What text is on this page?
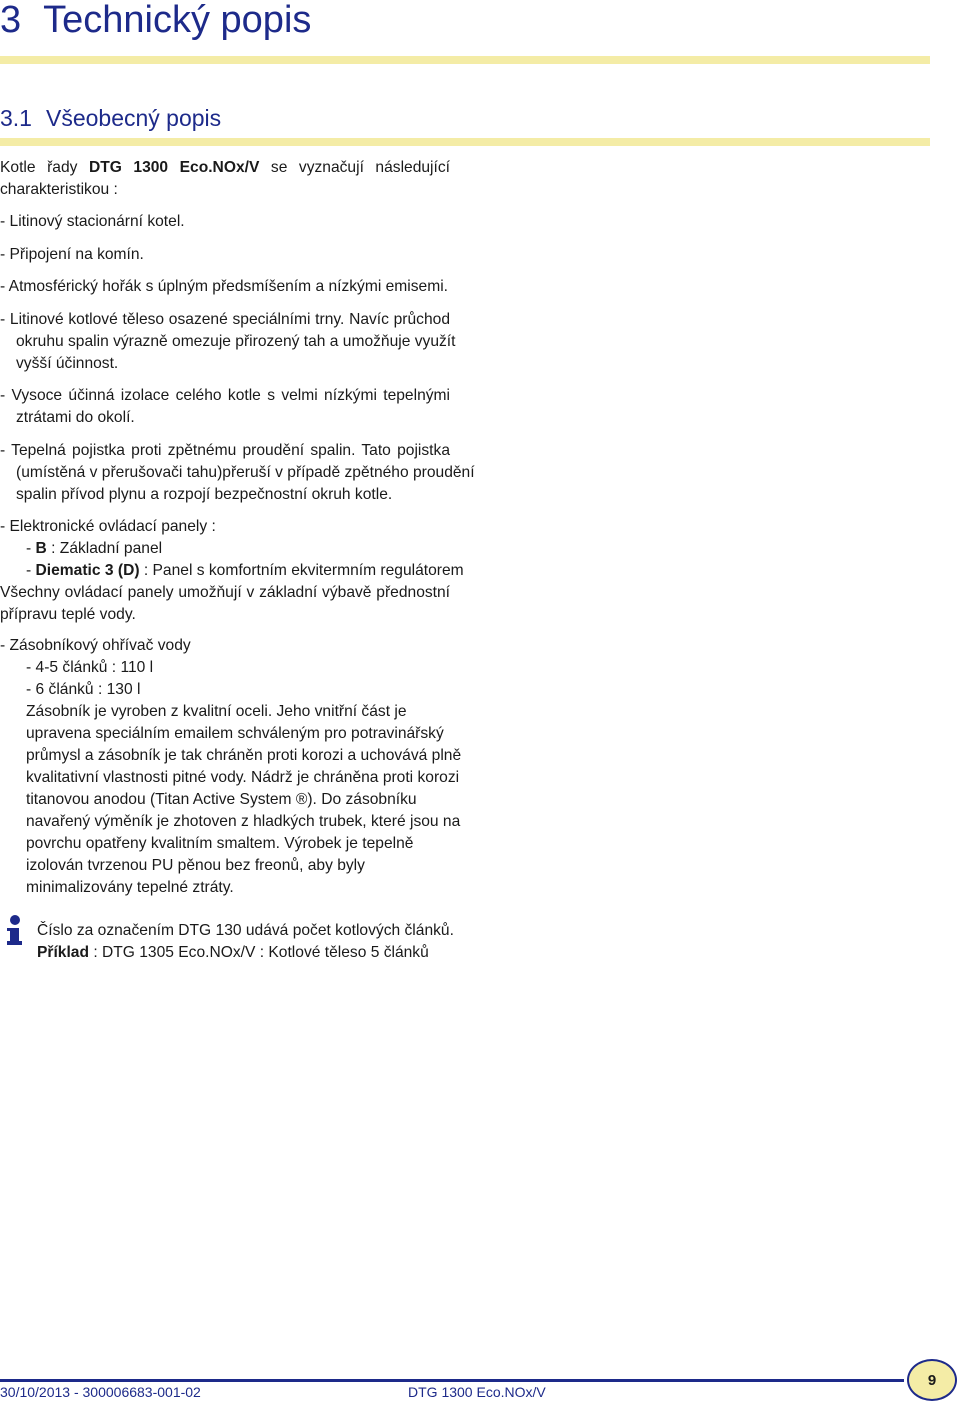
3 Technický popis
3.1 Všeobecný popis
Kotle řady DTG 1300 Eco.NOx/V se vyznačují následující
charakteristikou :
- Litinový stacionární kotel.
- Připojení na komín.
- Atmosférický hořák s úplným předsmíšením a nízkými emisemi.
- Litinové kotlové těleso osazené speciálními trny. Navíc průchod
okruhu spalin výrazně omezuje přirozený tah a umožňuje využít
vyšší účinnost.
- Vysoce účinná izolace celého kotle s velmi nízkými tepelnými
ztrátami do okolí.
- Tepelná pojistka proti zpětnému proudění spalin. Tato pojistka
(umístěná v přerušovači tahu)přeruší v případě zpětného proudění
spalin přívod plynu a rozpojí bezpečnostní okruh kotle.
- Elektronické ovládací panely :
- B : Základní panel
- Diematic 3 (D) : Panel s komfortním ekvitermním regulátorem
Všechny ovládací panely umožňují v základní výbavě přednostní
přípravu teplé vody.
- Zásobníkový ohřívač vody
- 4-5 článků : 110 l
- 6 článků : 130 l
Zásobník je vyroben z kvalitní oceli. Jeho vnitřní část je
upravena speciálním emailem schváleným pro potravinářský
průmysl a zásobník je tak chráněn proti korozi a uchovává plně
kvalitativní vlastnosti pitné vody. Nádrž je chráněna proti korozi
titanovou anodou (Titan Active System ®). Do zásobníku
navařený výměník je zhotoven z hladkých trubek, které jsou na
povrchu opatřeny kvalitním smaltem. Výrobek je tepelně
izolován tvrzenou PU pěnou bez freonů, aby byly
minimalizovány tepelné ztráty.
Číslo za označením DTG 130 udává počet kotlových článků.
Příklad : DTG 1305 Eco.NOx/V : Kotlové těleso 5 článků
30/10/2013 - 300006683-001-02	DTG 1300 Eco.NOx/V
9
